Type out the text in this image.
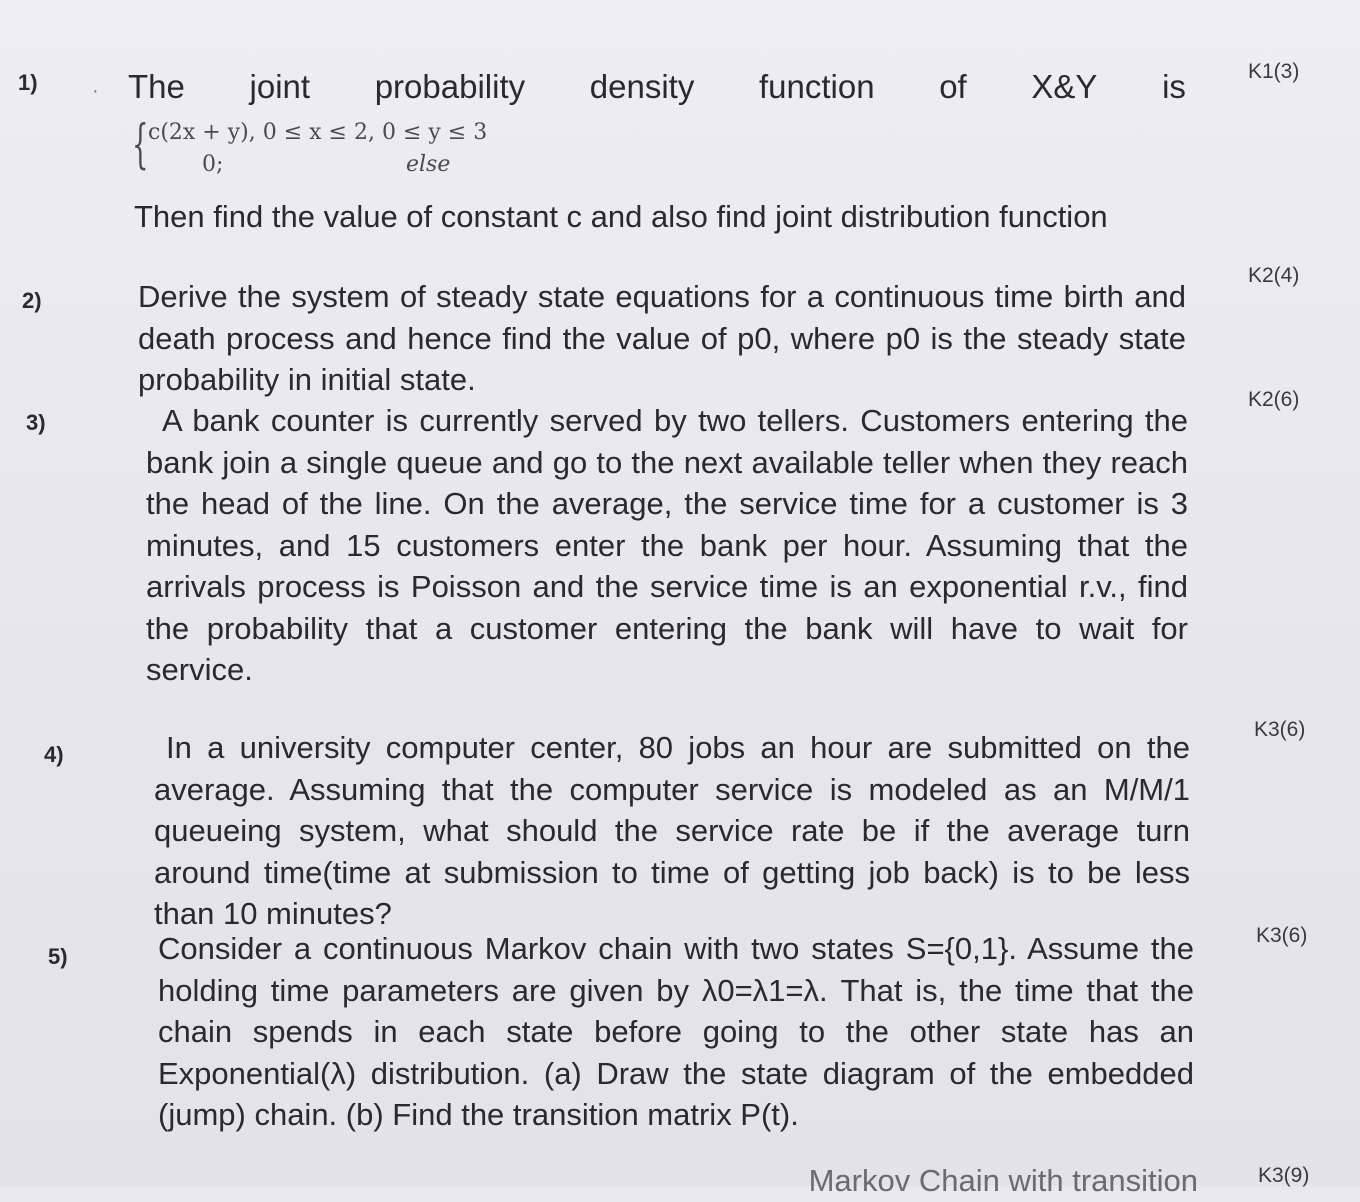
1)	·
K1(3)
The joint probability density function of X&Y is
{ c(2x + y), 0 ≤ x ≤ 2, 0 ≤ y ≤ 3
0;	else
Then find the value of constant c and also find joint distribution function
2)
K2(4)
Derive the system of steady state equations for a continuous time birth and death process and hence find the value of p0, where p0 is the steady state probability in initial state.
3)
K2(6)
A bank counter is currently served by two tellers. Customers entering the bank join a single queue and go to the next available teller when they reach the head of the line. On the average, the service time for a customer is 3 minutes, and 15 customers enter the bank per hour. Assuming that the arrivals process is Poisson and the service time is an exponential r.v., find the probability that a customer entering the bank will have to wait for service.
4)
K3(6)
In a university computer center, 80 jobs an hour are submitted on the average. Assuming that the computer service is modeled as an M/M/1 queueing system, what should the service rate be if the average turn around time(time at submission to time of getting job back) is to be less than 10 minutes?
5)
K3(6)
Consider a continuous Markov chain with two states S={0,1}. Assume the holding time parameters are given by λ0=λ1=λ. That is, the time that the chain spends in each state before going to the other state has an Exponential(λ) distribution. (a) Draw the state diagram of the embedded (jump) chain. (b) Find the transition matrix P(t).
K3(9)
Markov Chain with transition
